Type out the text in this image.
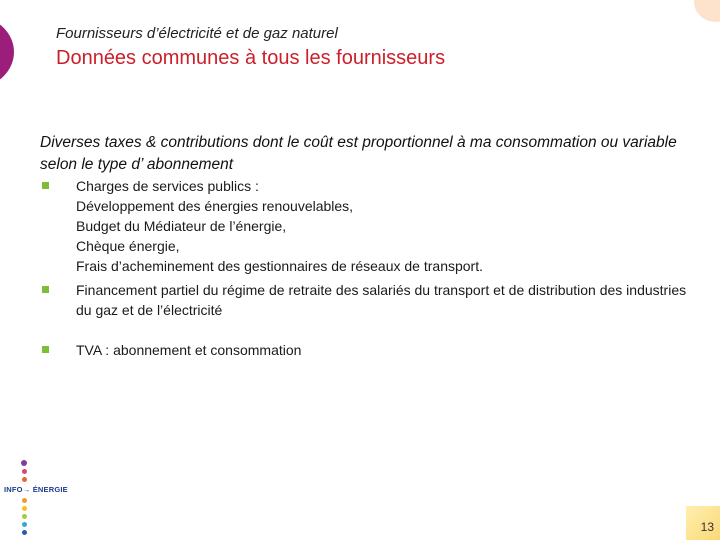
Fournisseurs d’électricité et de gaz naturel
Données communes à tous les fournisseurs
Diverses taxes & contributions dont le coût est proportionnel à ma consommation ou variable selon le type d’ abonnement
Charges de services publics :
Développement des énergies renouvelables,
Budget du Médiateur de l’énergie,
Chèque énergie,
Frais d’acheminement des gestionnaires de réseaux de transport.
Financement partiel du régime de retraite des salariés du transport et de distribution des industries du gaz et de l’électricité
TVA : abonnement et consommation
INFO→ ÉNERGIE
13
